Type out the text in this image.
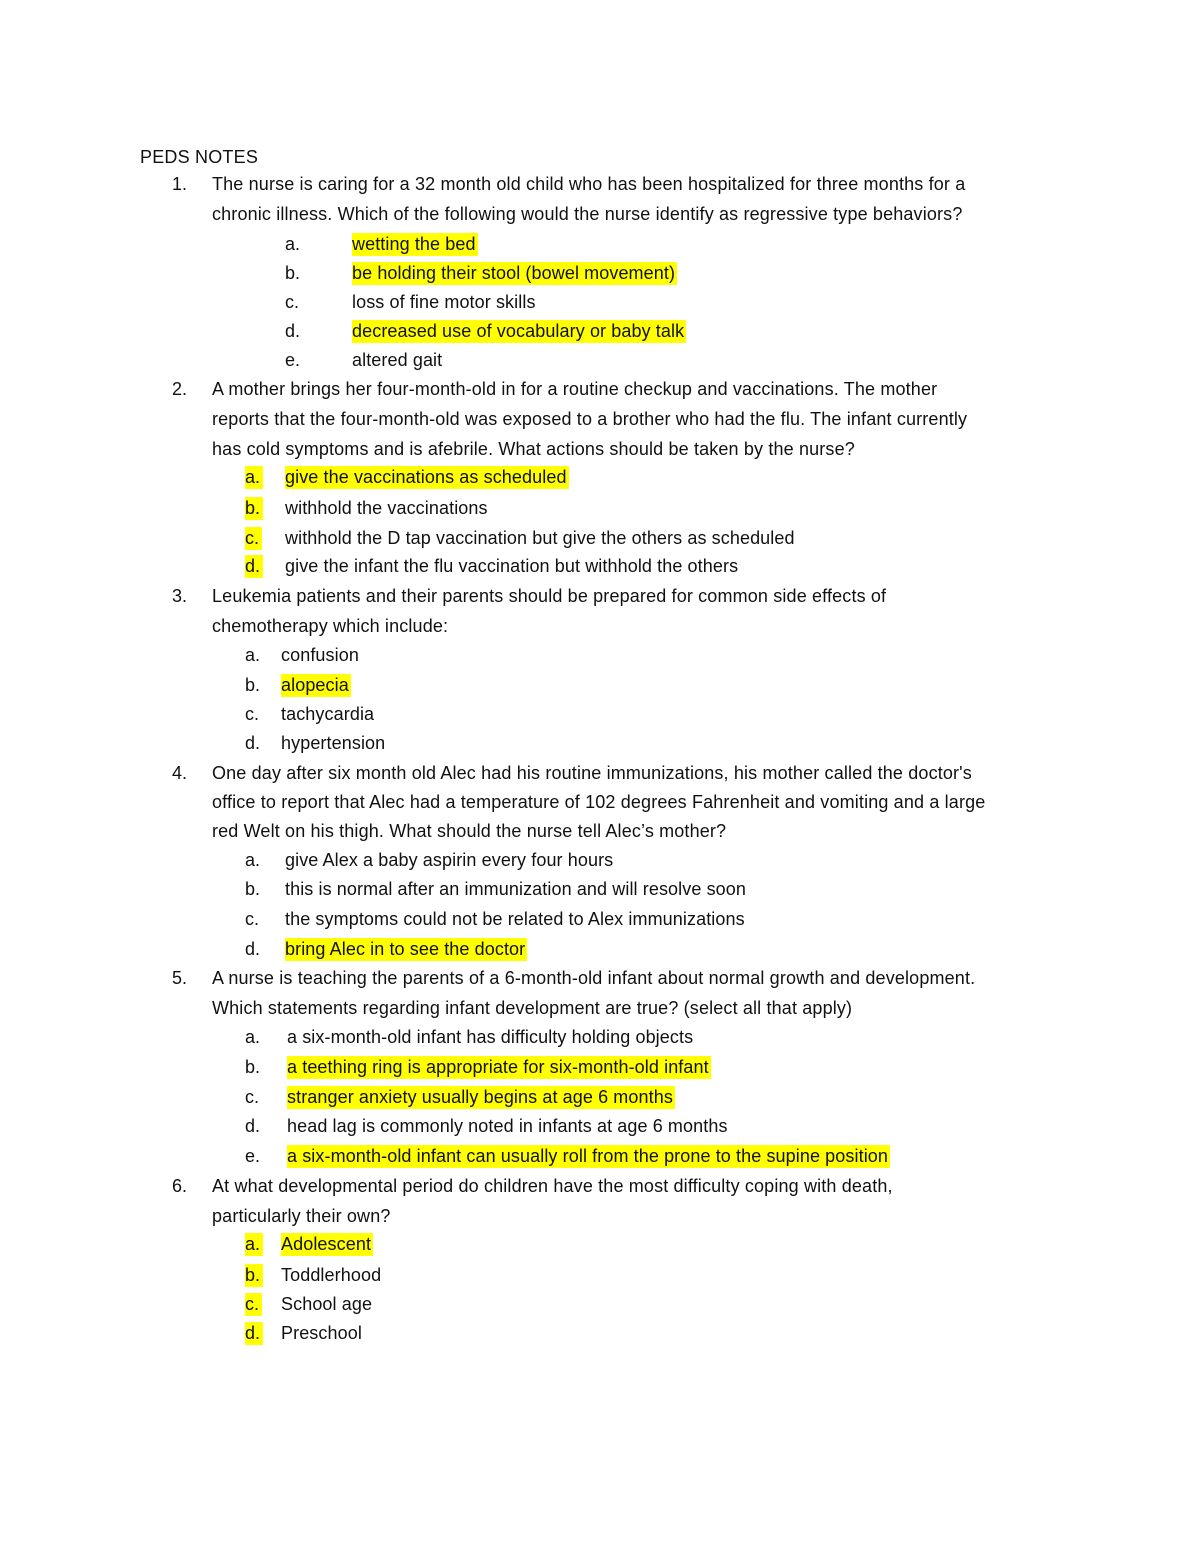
PEDS NOTES
1. The nurse is caring for a 32 month old child who has been hospitalized for three months for a
chronic illness. Which of the following would the nurse identify as regressive type behaviors?
a.	wetting the bed
b.	be holding their stool (bowel movement)
c.	loss of fine motor skills
d.	decreased use of vocabulary or baby talk
e.	altered gait
2. A mother brings her four-month-old in for a routine checkup and vaccinations. The mother
reports that the four-month-old was exposed to a brother who had the flu. The infant currently
has cold symptoms and is afebrile. What actions should be taken by the nurse?
a. give the vaccinations as scheduled
b. withhold the vaccinations
c. withhold the D tap vaccination but give the others as scheduled
d. give the infant the flu vaccination but withhold the others
3. Leukemia patients and their parents should be prepared for common side effects of
chemotherapy which include:
a. confusion
b. alopecia
c. tachycardia
d. hypertension
4. One day after six month old Alec had his routine immunizations, his mother called the doctor's
office to report that Alec had a temperature of 102 degrees Fahrenheit and vomiting and a large
red Welt on his thigh. What should the nurse tell Alec’s mother?
a. give Alex a baby aspirin every four hours
b. this is normal after an immunization and will resolve soon
c. the symptoms could not be related to Alex immunizations
d. bring Alec in to see the doctor
5. A nurse is teaching the parents of a 6-month-old infant about normal growth and development.
Which statements regarding infant development are true? (select all that apply)
a. a six-month-old infant has difficulty holding objects
b. a teething ring is appropriate for six-month-old infant
c. stranger anxiety usually begins at age 6 months
d. head lag is commonly noted in infants at age 6 months
e. a six-month-old infant can usually roll from the prone to the supine position
6. At what developmental period do children have the most difficulty coping with death,
particularly their own?
a. Adolescent
b. Toddlerhood
c. School age
d. Preschool
